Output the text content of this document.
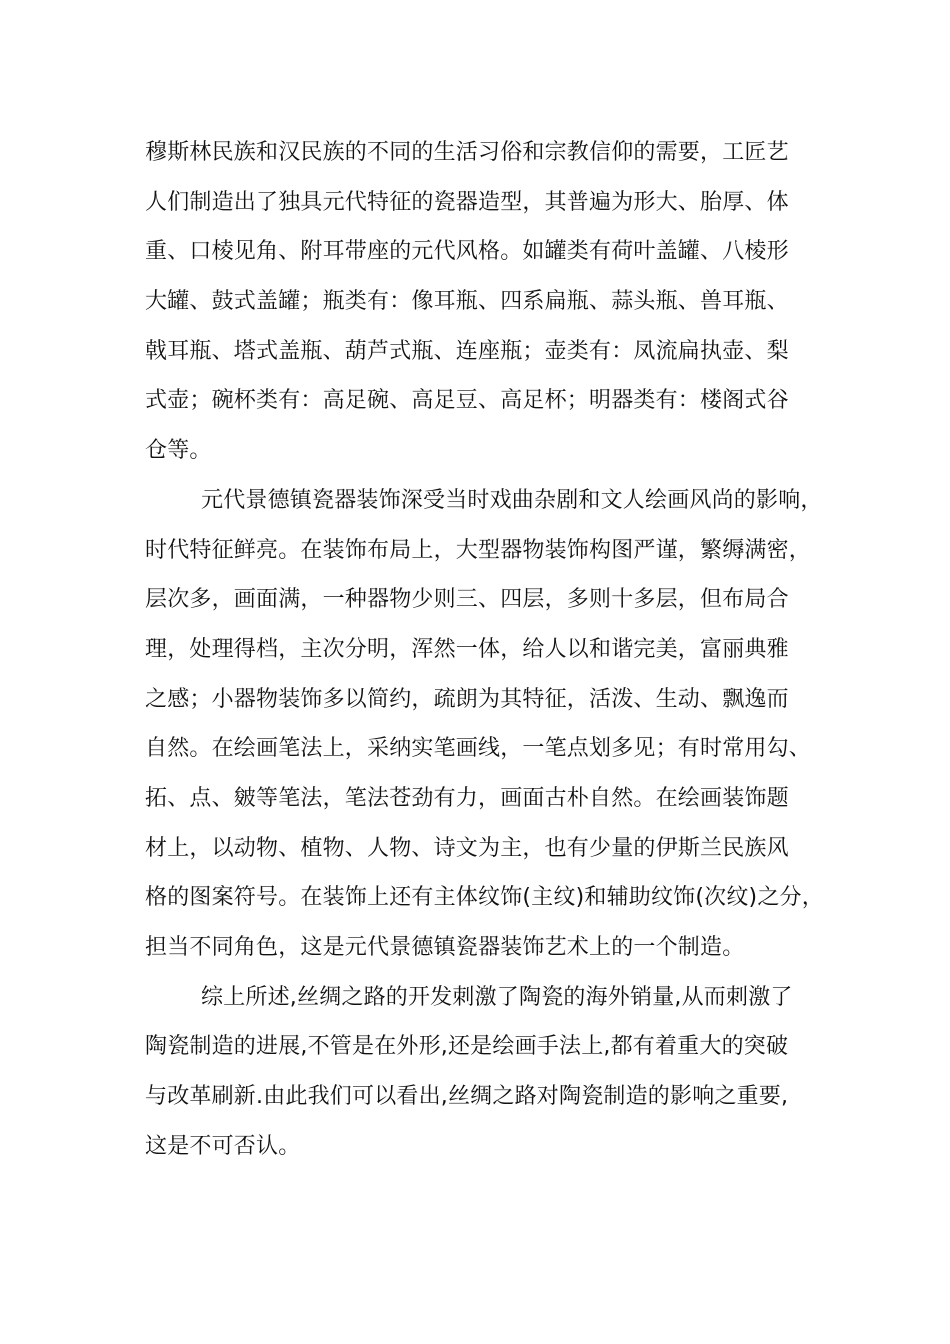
穆斯林民族和汉民族的不同的生活习俗和宗教信仰的需要，工匠艺
人们制造出了独具元代特征的瓷器造型，其普遍为形大、胎厚、体
重、口棱见角、附耳带座的元代风格。如罐类有荷叶盖罐、八棱形
大罐、鼓式盖罐；瓶类有：像耳瓶、四系扁瓶、蒜头瓶、兽耳瓶、
戟耳瓶、塔式盖瓶、葫芦式瓶、连座瓶；壶类有：凤流扁执壶、梨
式壶；碗杯类有：高足碗、高足豆、高足杯；明器类有：楼阁式谷
仓等。
元代景德镇瓷器装饰深受当时戏曲杂剧和文人绘画风尚的影响，
时代特征鲜亮。在装饰布局上，大型器物装饰构图严谨，繁缛满密，
层次多，画面满，一种器物少则三、四层，多则十多层，但布局合
理，处理得档，主次分明，浑然一体，给人以和谐完美，富丽典雅
之感；小器物装饰多以简约，疏朗为其特征，活泼、生动、飘逸而
自然。在绘画笔法上，采纳实笔画线，一笔点划多见；有时常用勾、
拓、点、皴等笔法，笔法苍劲有力，画面古朴自然。在绘画装饰题
材上，以动物、植物、人物、诗文为主，也有少量的伊斯兰民族风
格的图案符号。在装饰上还有主体纹饰(主纹)和辅助纹饰(次纹)之分，
担当不同角色，这是元代景德镇瓷器装饰艺术上的一个制造。
综上所述,丝绸之路的开发刺激了陶瓷的海外销量,从而刺激了
陶瓷制造的进展,不管是在外形,还是绘画手法上,都有着重大的突破
与改革刷新.由此我们可以看出,丝绸之路对陶瓷制造的影响之重要,
这是不可否认。
